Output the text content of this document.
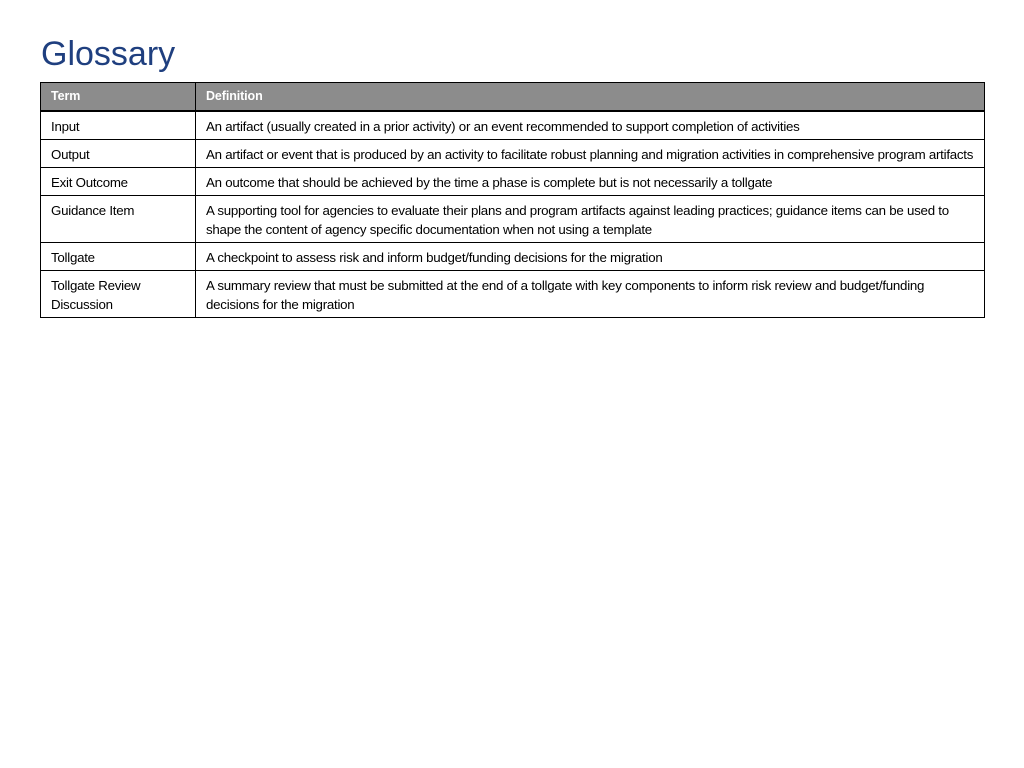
Glossary
Term	Definition
Input	An artifact (usually created in a prior activity) or an event recommended to support completion of activities
Output	An artifact or event that is produced by an activity to facilitate robust planning and migration activities in comprehensive program artifacts
Exit Outcome	An outcome that should be achieved by the time a phase is complete but is not necessarily a tollgate
Guidance Item	A supporting tool for agencies to evaluate their plans and program artifacts against leading practices; guidance items can be used to shape the content of agency specific documentation when not using a template
Tollgate	A checkpoint to assess risk and inform budget/funding decisions for the migration
Tollgate Review Discussion	A summary review that must be submitted at the end of a tollgate with key components to inform risk review and budget/funding decisions for the migration
